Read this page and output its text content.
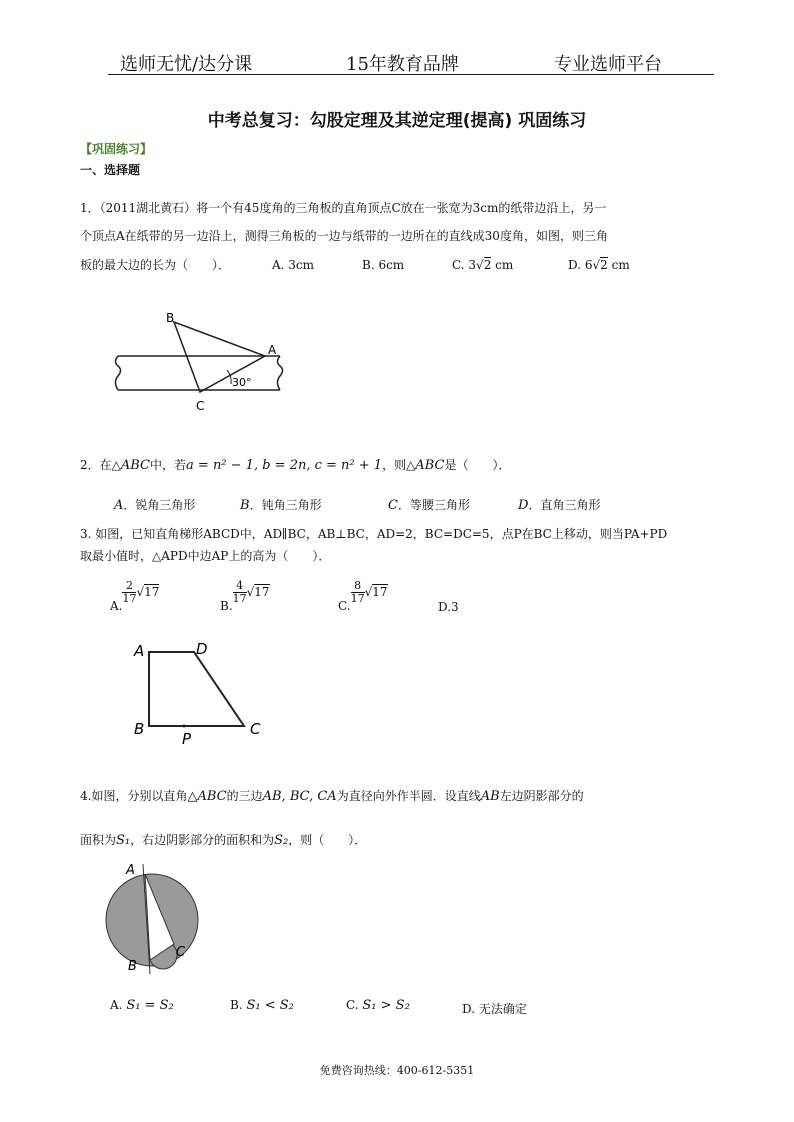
选师无忧/达分课	15年教育品牌	专业选师平台
中考总复习：勾股定理及其逆定理(提高) 巩固练习
【巩固练习】
一、选择题
1．（2011湖北黄石）将一个有45度角的三角板的直角顶点C放在一张宽为3cm的纸带边沿上，另一
个顶点A在纸带的另一边沿上，测得三角板的一边与纸带的一边所在的直线成30度角，如图，则三角
板的最大边的长为（　　）．	A. 3cm	B. 6cm	C. 3√2 cm	D. 6√2 cm
B
A
C
30°
2．在△ABC中，若a = n² − 1, b = 2n, c = n² + 1，则△ABC是（　　）．
A．锐角三角形	B．钝角三角形	C．等腰三角形	D．直角三角形
3. 如图，已知直角梯形ABCD中，AD∥BC，AB⊥BC，AD=2，BC=DC=5，点P在BC上移动，则当PA+PD
取最小值时，△APD中边AP上的高为（　　）．
A.
$\frac{2}{17} √17$
B.
$\frac{4}{17} √17$
C.
$\frac{8}{17} √17$
D.3
A	D
B
P
C
4.如图，分别以直角△ABC的三边AB, BC, CA为直径向外作半圆．设直线AB左边阴影部分的
面积为S₁，右边阴影部分的面积和为S₂，则（　　）．
A
B
C
A. S₁ = S₂	B. S₁ < S₂	C. S₁ > S₂	D. 无法确定
免费咨询热线：400-612-5351
